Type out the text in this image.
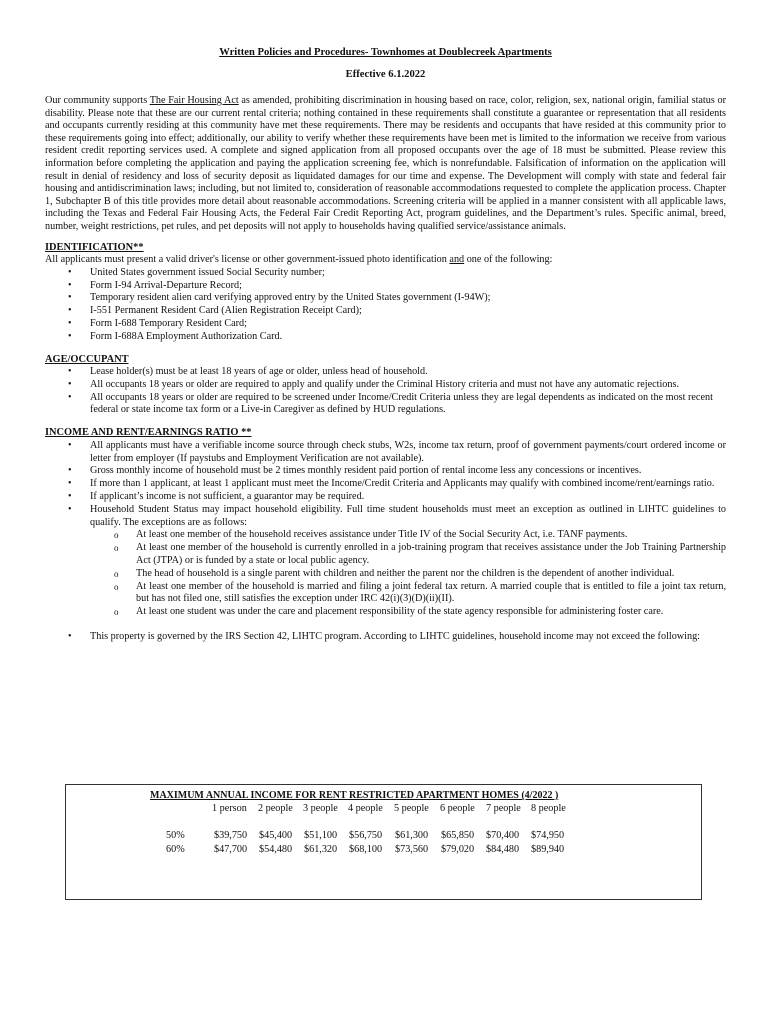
Written Policies and Procedures- Townhomes at Doublecreek Apartments

Effective 6.1.2022

Our community supports The Fair Housing Act as amended, prohibiting discrimination in housing based on race, color, religion, sex, national origin, familial status or disability. Please note that these are our current rental criteria; nothing contained in these requirements shall constitute a guarantee or representation that all residents and occupants currently residing at this community have met these requirements. There may be residents and occupants that have resided at this community prior to these requirements going into effect; additionally, our ability to verify whether these requirements have been met is limited to the information we receive from various resident credit reporting services used. A complete and signed application from all proposed occupants over the age of 18 must be submitted. Please review this information before completing the application and paying the application screening fee, which is nonrefundable. Falsification of information on the application will result in denial of residency and loss of security deposit as liquidated damages for our time and expense. The Development will comply with state and federal fair housing and antidiscrimination laws; including, but not limited to, consideration of reasonable accommodations requested to complete the application process. Chapter 1, Subchapter B of this title provides more detail about reasonable accommodations. Screening criteria will be applied in a manner consistent with all applicable laws, including the Texas and Federal Fair Housing Acts, the Federal Fair Credit Reporting Act, program guidelines, and the Department’s rules. Specific animal, breed, number, weight restrictions, pet rules, and pet deposits will not apply to households having qualified service/assistance animals.

IDENTIFICATION**

All applicants must present a valid driver's license or other government-issued photo identification and one of the following:

• United States government issued Social Security number;
• Form I-94 Arrival-Departure Record;
• Temporary resident alien card verifying approved entry by the United States government (I-94W);
• I-551 Permanent Resident Card (Alien Registration Receipt Card);
• Form I-688 Temporary Resident Card;
• Form I-688A Employment Authorization Card.

AGE/OCCUPANT

• Lease holder(s) must be at least 18 years of age or older, unless head of household.
• All occupants 18 years or older are required to apply and qualify under the Criminal History criteria and must not have any automatic rejections.
• All occupants 18 years or older are required to be screened under Income/Credit Criteria unless they are legal dependents as indicated on the most recent federal or state income tax form or a Live-in Caregiver as defined by HUD regulations.

INCOME AND RENT/EARNINGS RATIO **

• All applicants must have a verifiable income source through check stubs, W2s, income tax return, proof of government payments/court ordered income or letter from employer (If paystubs and Employment Verification are not available).
• Gross monthly income of household must be 2 times monthly resident paid portion of rental income less any concessions or incentives.
• If more than 1 applicant, at least 1 applicant must meet the Income/Credit Criteria and Applicants may qualify with combined income/rent/earnings ratio.
• If applicant’s income is not sufficient, a guarantor may be required.
• Household Student Status may impact household eligibility. Full time student households must meet an exception as outlined in LIHTC guidelines to qualify. The exceptions are as follows:
o At least one member of the household receives assistance under Title IV of the Social Security Act, i.e. TANF payments.
o At least one member of the household is currently enrolled in a job-training program that receives assistance under the Job Training Partnership Act (JTPA) or is funded by a state or local public agency.
o The head of household is a single parent with children and neither the parent nor the children is the dependent of another individual.
o At least one member of the household is married and filing a joint federal tax return. A married couple that is entitled to file a joint tax return, but has not filed one, still satisfies the exception under IRC 42(i)(3)(D)(ii)(II).
o At least one student was under the care and placement responsibility of the state agency responsible for administering foster care.
• This property is governed by the IRS Section 42, LIHTC program. According to LIHTC guidelines, household income may not exceed the following:
MAXIMUM ANNUAL INCOME FOR RENT RESTRICTED APARTMENT HOMES (4/2022 )
1 person 2 people 3 people 4 people 5 people 6 people 7 people 8 people
50%	$39,750 $45,400 $51,100 $56,750 $61,300 $65,850 $70,400 $74,950
60%	$47,700 $54,480 $61,320 $68,100 $73,560 $79,020 $84,480 $89,940
